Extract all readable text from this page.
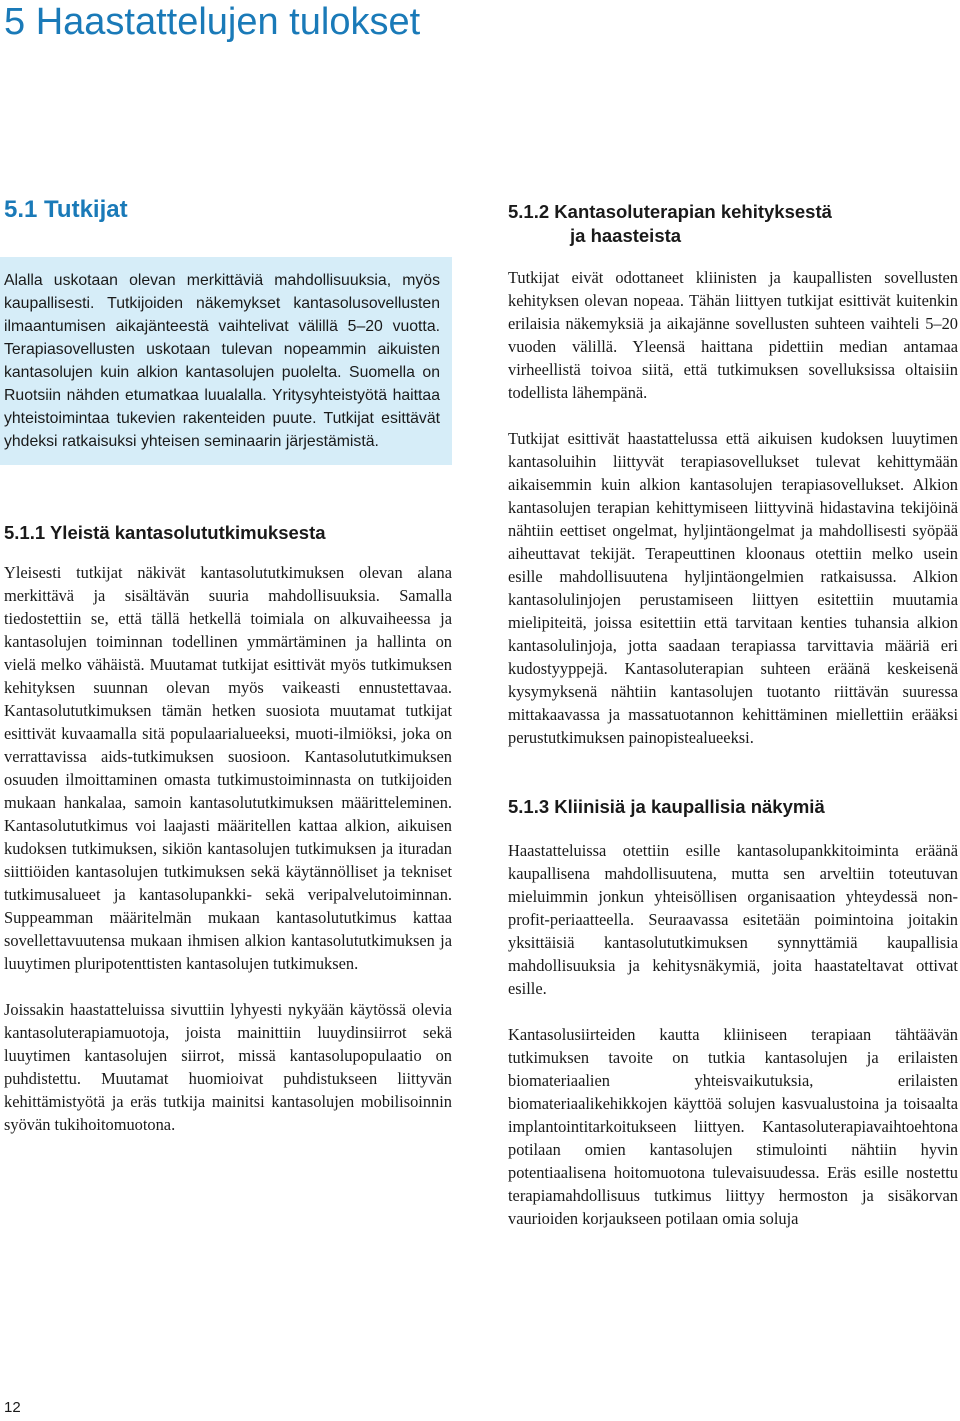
5 Haastattelujen tulokset
5.1 Tutkijat

Alalla uskotaan olevan merkittäviä mahdollisuuksia, myös kaupallisesti. Tutkijoiden näkemykset kantasolusovellusten ilmaantumisen aikajänteestä vaihtelivat välillä 5–20 vuotta. Terapiasovellusten uskotaan tulevan nopeammin aikuisten kantasolujen kuin alkion kantasolujen puolelta. Suomella on Ruotsiin nähden etumatkaa luualalla. Yritysyhteistyötä haittaa yhteistoimintaa tukevien rakenteiden puute. Tutkijat esittävät yhdeksi ratkaisuksi yhteisen seminaarin järjestämistä.

5.1.1 Yleistä kantasolututkimuksesta

Yleisesti tutkijat näkivät kantasolututkimuksen olevan alana merkittävä ja sisältävän suuria mahdollisuuksia. Samalla tiedostettiin se, että tällä hetkellä toimiala on alkuvaiheessa ja kantasolujen toiminnan todellinen ymmärtäminen ja hallinta on vielä melko vähäistä. Muutamat tutkijat esittivät myös tutkimuksen kehityksen suunnan olevan myös vaikeasti ennustettavaa. Kantasolututkimuksen tämän hetken suosiota muutamat tutkijat esittivät kuvaamalla sitä populaarialueeksi, muoti-ilmiöksi, joka on verrattavissa aids-tutkimuksen suosioon. Kantasolututkimuksen osuuden ilmoittaminen omasta tutkimustoiminnasta on tutkijoiden mukaan hankalaa, samoin kantasolututkimuksen määritteleminen. Kantasolututkimus voi laajasti määritellen kattaa alkion, aikuisen kudoksen tutkimuksen, sikiön kantasolujen tutkimuksen ja ituradan siittiöiden kantasolujen tutkimuksen sekä käytännölliset ja tekniset tutkimusalueet ja kantasolupankki- sekä veripalvelutoiminnan. Suppeamman määritelmän mukaan kantasolututkimus kattaa sovellettavuutensa mukaan ihmisen alkion kantasolututkimuksen ja luuytimen pluripotenttisten kantasolujen tutkimuksen.

Joissakin haastatteluissa sivuttiin lyhyesti nykyään käytössä olevia kantasoluterapiamuotoja, joista mainittiin luuydinsiirrot sekä luuytimen kantasolujen siirrot, missä kantasolupopulaatio on puhdistettu. Muutamat huomioivat puhdistukseen liittyvän kehittämistyötä ja eräs tutkija mainitsi kantasolujen mobilisoinnin syövän tukihoitomuotona.

5.1.2 Kantasoluterapian kehityksestä
ja haasteista

Tutkijat eivät odottaneet kliinisten ja kaupallisten sovellusten kehityksen olevan nopeaa. Tähän liittyen tutkijat esittivät kuitenkin erilaisia näkemyksiä ja aikajänne sovellusten suhteen vaihteli 5–20 vuoden välillä. Yleensä haittana pidettiin median antamaa virheellistä toivoa siitä, että tutkimuksen sovelluksissa oltaisiin todellista lähempänä.

Tutkijat esittivät haastattelussa että aikuisen kudoksen luuytimen kantasoluihin liittyvät terapiasovellukset tulevat kehittymään aikaisemmin kuin alkion kantasolujen terapiasovellukset. Alkion kantasolujen terapian kehittymiseen liittyvinä hidastavina tekijöinä nähtiin eettiset ongelmat, hyljintäongelmat ja mahdollisesti syöpää aiheuttavat tekijät. Terapeuttinen kloonaus otettiin melko usein esille mahdollisuutena hyljintäongelmien ratkaisussa. Alkion kantasolulinjojen perustamiseen liittyen esitettiin muutamia mielipiteitä, joissa esitettiin että tarvitaan kenties tuhansia alkion kantasolulinjoja, jotta saadaan terapiassa tarvittavia määriä eri kudostyyppejä. Kantasoluterapian suhteen eräänä keskeisenä kysymyksenä nähtiin kantasolujen tuotanto riittävän suuressa mittakaavassa ja massatuotannon kehittäminen miellettiin erääksi perustutkimuksen painopistealueeksi.

5.1.3 Kliinisiä ja kaupallisia näkymiä

Haastatteluissa otettiin esille kantasolupankkitoiminta eräänä kaupallisena mahdollisuutena, mutta sen arveltiin toteutuvan mieluimmin jonkun yhteisöllisen organisaation yhteydessä non-profit-periaatteella. Seuraavassa esitetään poimintoina joitakin yksittäisiä kantasolututkimuksen synnyttämiä kaupallisia mahdollisuuksia ja kehitysnäkymiä, joita haastateltavat ottivat esille.

Kantasolusiirteiden kautta kliiniseen terapiaan tähtäävän tutkimuksen tavoite on tutkia kantasolujen ja erilaisten biomateriaalien yhteisvaikutuksia, erilaisten biomateriaalikehikkojen käyttöä solujen kasvualustoina ja toisaalta implantointitarkoitukseen liittyen. Kantasoluterapiavaihtoehtona potilaan omien kantasolujen stimulointi nähtiin hyvin potentiaalisena hoitomuotona tulevaisuudessa. Eräs esille nostettu terapiamahdollisuus tutkimus liittyy hermoston ja sisäkorvan vaurioiden korjaukseen potilaan omia soluja

12
